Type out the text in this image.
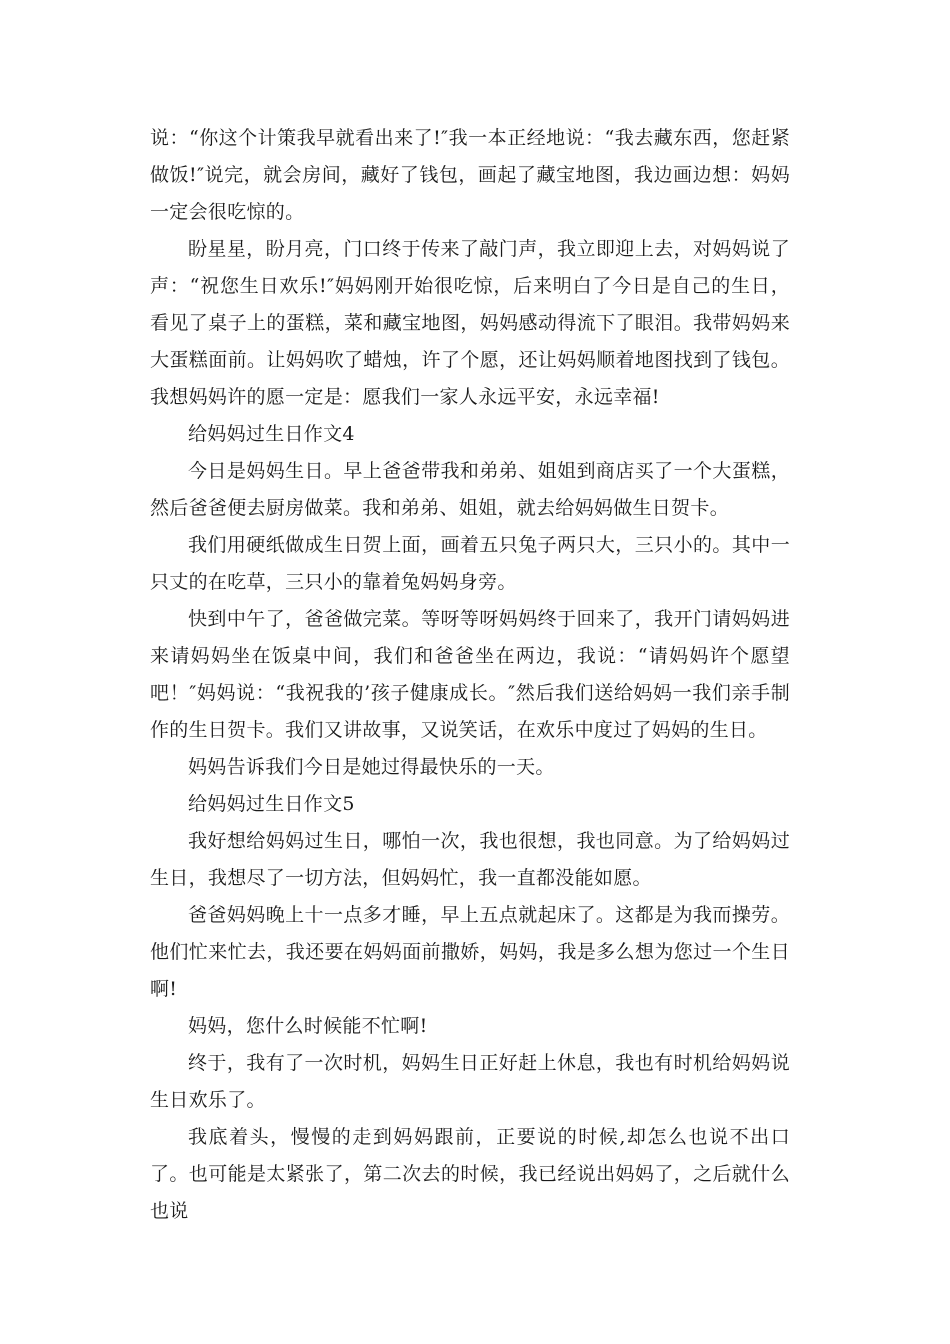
说：“你这个计策我早就看出来了!″我一本正经地说：“我去藏东西，您赶紧做饭!″说完，就会房间，藏好了钱包，画起了藏宝地图，我边画边想：妈妈一定会很吃惊的。

盼星星，盼月亮，门口终于传来了敲门声，我立即迎上去，对妈妈说了声：“祝您生日欢乐!″妈妈刚开始很吃惊，后来明白了今日是自己的生日，看见了桌子上的蛋糕，菜和藏宝地图，妈妈感动得流下了眼泪。我带妈妈来大蛋糕面前。让妈妈吹了蜡烛，许了个愿，还让妈妈顺着地图找到了钱包。我想妈妈许的愿一定是：愿我们一家人永远平安，永远幸福!

给妈妈过生日作文4

今日是妈妈生日。早上爸爸带我和弟弟、姐姐到商店买了一个大蛋糕，然后爸爸便去厨房做菜。我和弟弟、姐姐，就去给妈妈做生日贺卡。

我们用硬纸做成生日贺上面，画着五只兔子两只大，三只小的。其中一只丈的在吃草，三只小的靠着兔妈妈身旁。

快到中午了，爸爸做完菜。等呀等呀妈妈终于回来了，我开门请妈妈进来请妈妈坐在饭桌中间，我们和爸爸坐在两边，我说：“请妈妈许个愿望吧！″妈妈说：“我祝我的’孩子健康成长。″然后我们送给妈妈一我们亲手制作的生日贺卡。我们又讲故事，又说笑话，在欢乐中度过了妈妈的生日。

妈妈告诉我们今日是她过得最快乐的一天。

给妈妈过生日作文5

我好想给妈妈过生日，哪怕一次，我也很想，我也同意。为了给妈妈过生日，我想尽了一切方法，但妈妈忙，我一直都没能如愿。

爸爸妈妈晚上十一点多才睡，早上五点就起床了。这都是为我而操劳。他们忙来忙去，我还要在妈妈面前撒娇，妈妈，我是多么想为您过一个生日啊!

妈妈，您什么时候能不忙啊!

终于，我有了一次时机，妈妈生日正好赶上休息，我也有时机给妈妈说生日欢乐了。

我底着头，慢慢的走到妈妈跟前，正要说的时候,却怎么也说不出口了。也可能是太紧张了，第二次去的时候，我已经说出妈妈了，之后就什么也说
